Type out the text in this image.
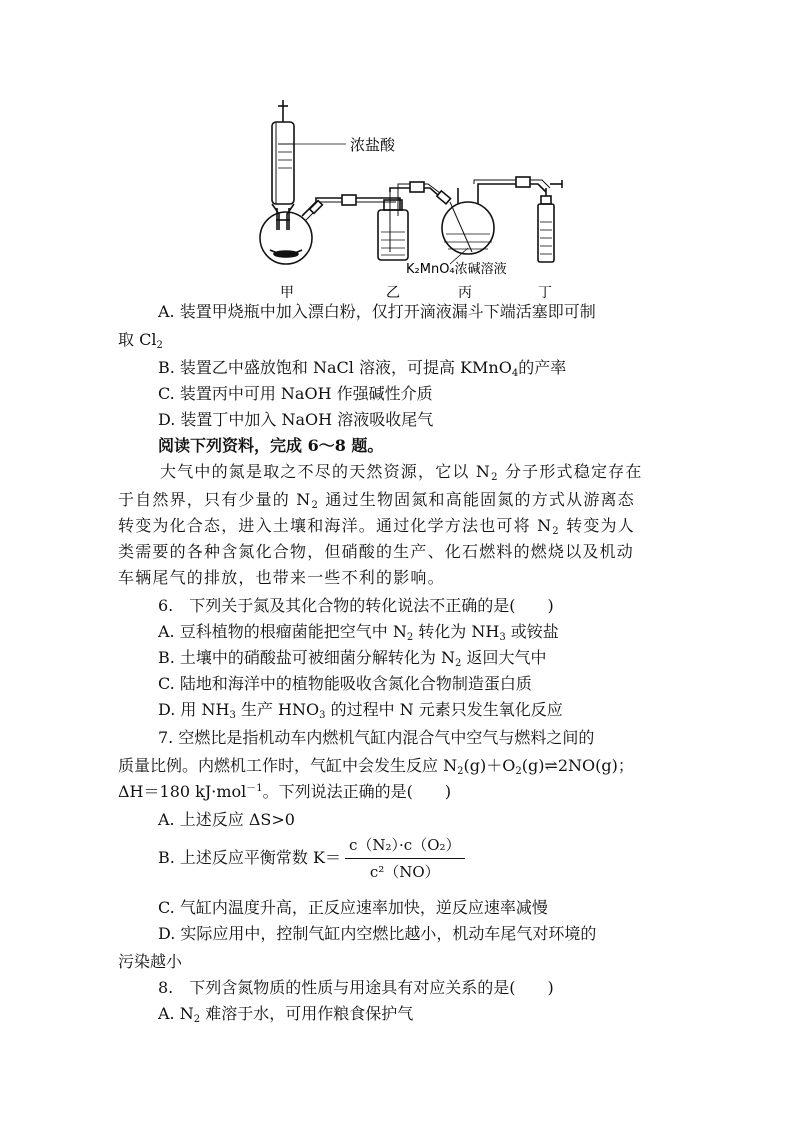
浓盐酸
K₂MnO₄浓碱溶液
甲	乙	丙	丁
A. 装置甲烧瓶中加入漂白粉，仅打开滴液漏斗下端活塞即可制
取 $Cl_2$
B. 装置乙中盛放饱和 NaCl 溶液，可提高 KMnO$_4$的产率
C. 装置丙中可用 NaOH 作强碱性介质
D. 装置丁中加入 NaOH 溶液吸收尾气
阅读下列资料，完成 6～8 题。
大气中的氮是取之不尽的天然资源，它以 $N_2$ 分子形式稳定存在
于自然界，只有少量的 $N_2$ 通过生物固氮和高能固氮的方式从游离态
转变为化合态，进入土壤和海洋。通过化学方法也可将 $N_2$ 转变为人
类需要的各种含氮化合物，但硝酸的生产、化石燃料的燃烧以及机动
车辆尾气的排放，也带来一些不利的影响。
6.　下列关于氮及其化合物的转化说法不正确的是(　　)
A. 豆科植物的根瘤菌能把空气中 $N_2$ 转化为 $NH_3$ 或铵盐
B. 土壤中的硝酸盐可被细菌分解转化为 $N_2$ 返回大气中
C. 陆地和海洋中的植物能吸收含氮化合物制造蛋白质
D. 用 $NH_3$ 生产 $HNO_3$ 的过程中 N 元素只发生氧化反应
7. 空燃比是指机动车内燃机气缸内混合气中空气与燃料之间的
质量比例。内燃机工作时，气缸中会发生反应 $N_2(g)+O_2(g)\rightleftharpoons 2NO(g)$；
ΔH＝180 kJ·mol$^{-1}$。下列说法正确的是(　　)
A. 上述反应 ΔS>0
B. 上述反应平衡常数 $K= \frac{\text{c（N₂）·c（O₂）}}{\text{c²（NO）}}$
C. 气缸内温度升高，正反应速率加快，逆反应速率减慢
D. 实际应用中，控制气缸内空燃比越小，机动车尾气对环境的
污染越小
8.　下列含氮物质的性质与用途具有对应关系的是(　　)
A. $N_2$ 难溶于水，可用作粮食保护气
